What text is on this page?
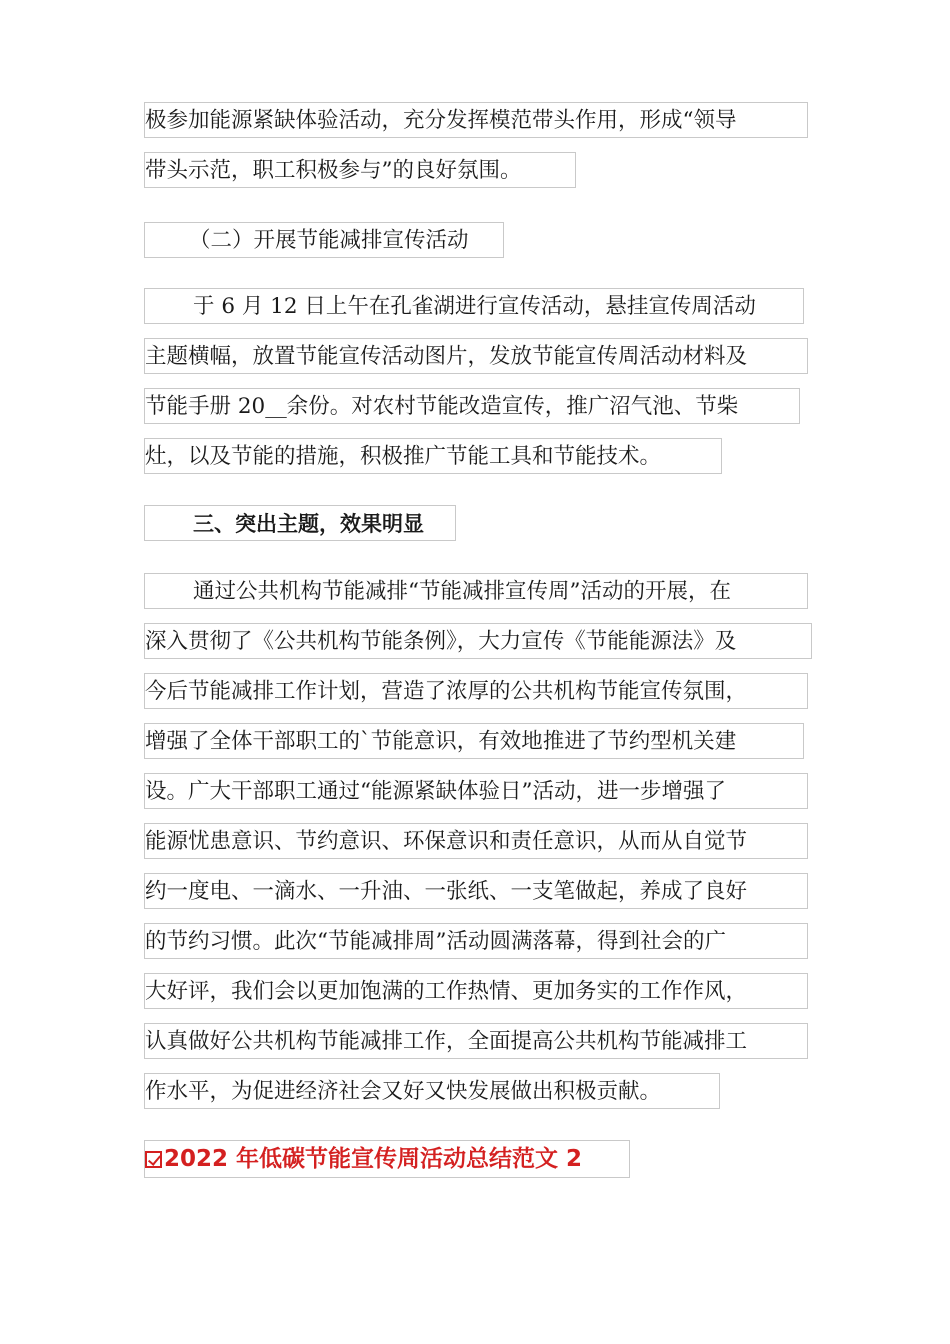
极参加能源紧缺体验活动，充分发挥模范带头作用，形成“领导
带头示范，职工积极参与”的良好氛围。
（二）开展节能减排宣传活动
于 6 月 12 日上午在孔雀湖进行宣传活动，悬挂宣传周活动
主题横幅，放置节能宣传活动图片，发放节能宣传周活动材料及
节能手册 20__余份。对农村节能改造宣传，推广沼气池、节柴
灶，以及节能的措施，积极推广节能工具和节能技术。
三、突出主题，效果明显
通过公共机构节能减排“节能减排宣传周”活动的开展，在
深入贯彻了《公共机构节能条例》，大力宣传《节能能源法》及
今后节能减排工作计划，营造了浓厚的公共机构节能宣传氛围，
增强了全体干部职工的`节能意识，有效地推进了节约型机关建
设。广大干部职工通过“能源紧缺体验日”活动，进一步增强了
能源忧患意识、节约意识、环保意识和责任意识，从而从自觉节
约一度电、一滴水、一升油、一张纸、一支笔做起，养成了良好
的节约习惯。此次“节能减排周”活动圆满落幕，得到社会的广
大好评，我们会以更加饱满的工作热情、更加务实的工作作风，
认真做好公共机构节能减排工作，全面提高公共机构节能减排工
作水平，为促进经济社会又好又快发展做出积极贡献。
2022 年低碳节能宣传周活动总结范文 2
